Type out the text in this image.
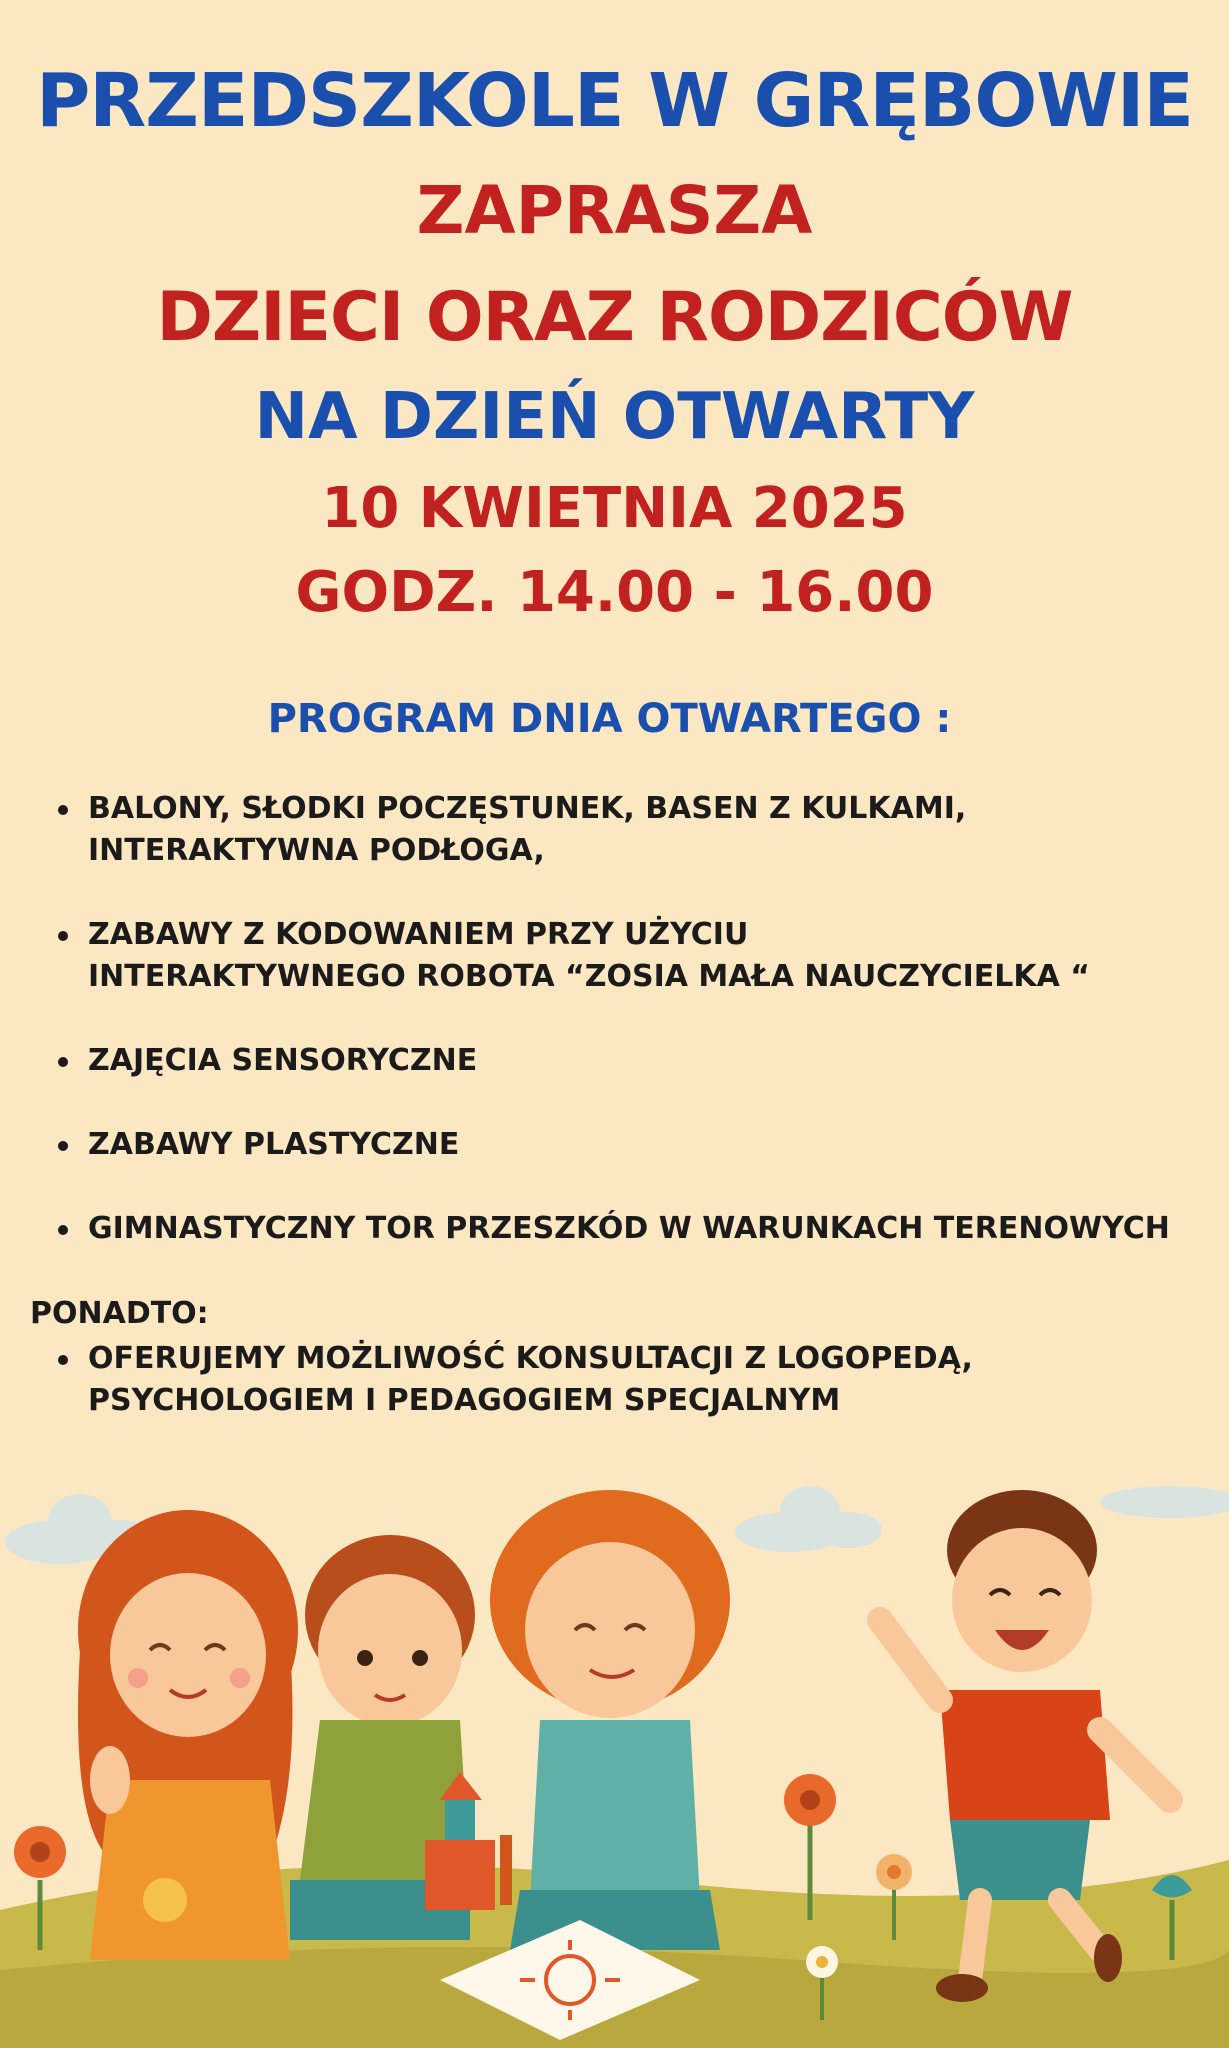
PRZEDSZKOLE W GRĘBOWIE
ZAPRASZA
DZIECI ORAZ RODZICÓW
NA DZIEŃ OTWARTY
10 KWIETNIA 2025
GODZ. 14.00 - 16.00
PROGRAM DNIA OTWARTEGO :
BALONY, SŁODKI POCZĘSTUNEK, BASEN Z KULKAMI,
INTERAKTYWNA PODŁOGA,
ZABAWY Z KODOWANIEM PRZY UŻYCIU
INTERAKTYWNEGO ROBOTA “ZOSIA MAŁA NAUCZYCIELKA “
ZAJĘCIA SENSORYCZNE
ZABAWY PLASTYCZNE
GIMNASTYCZNY TOR PRZESZKÓD W WARUNKACH TERENOWYCH
PONADTO:
OFERUJEMY MOŻLIWOŚĆ KONSULTACJI Z LOGOPEDĄ,
PSYCHOLOGIEM I PEDAGOGIEM SPECJALNYM
